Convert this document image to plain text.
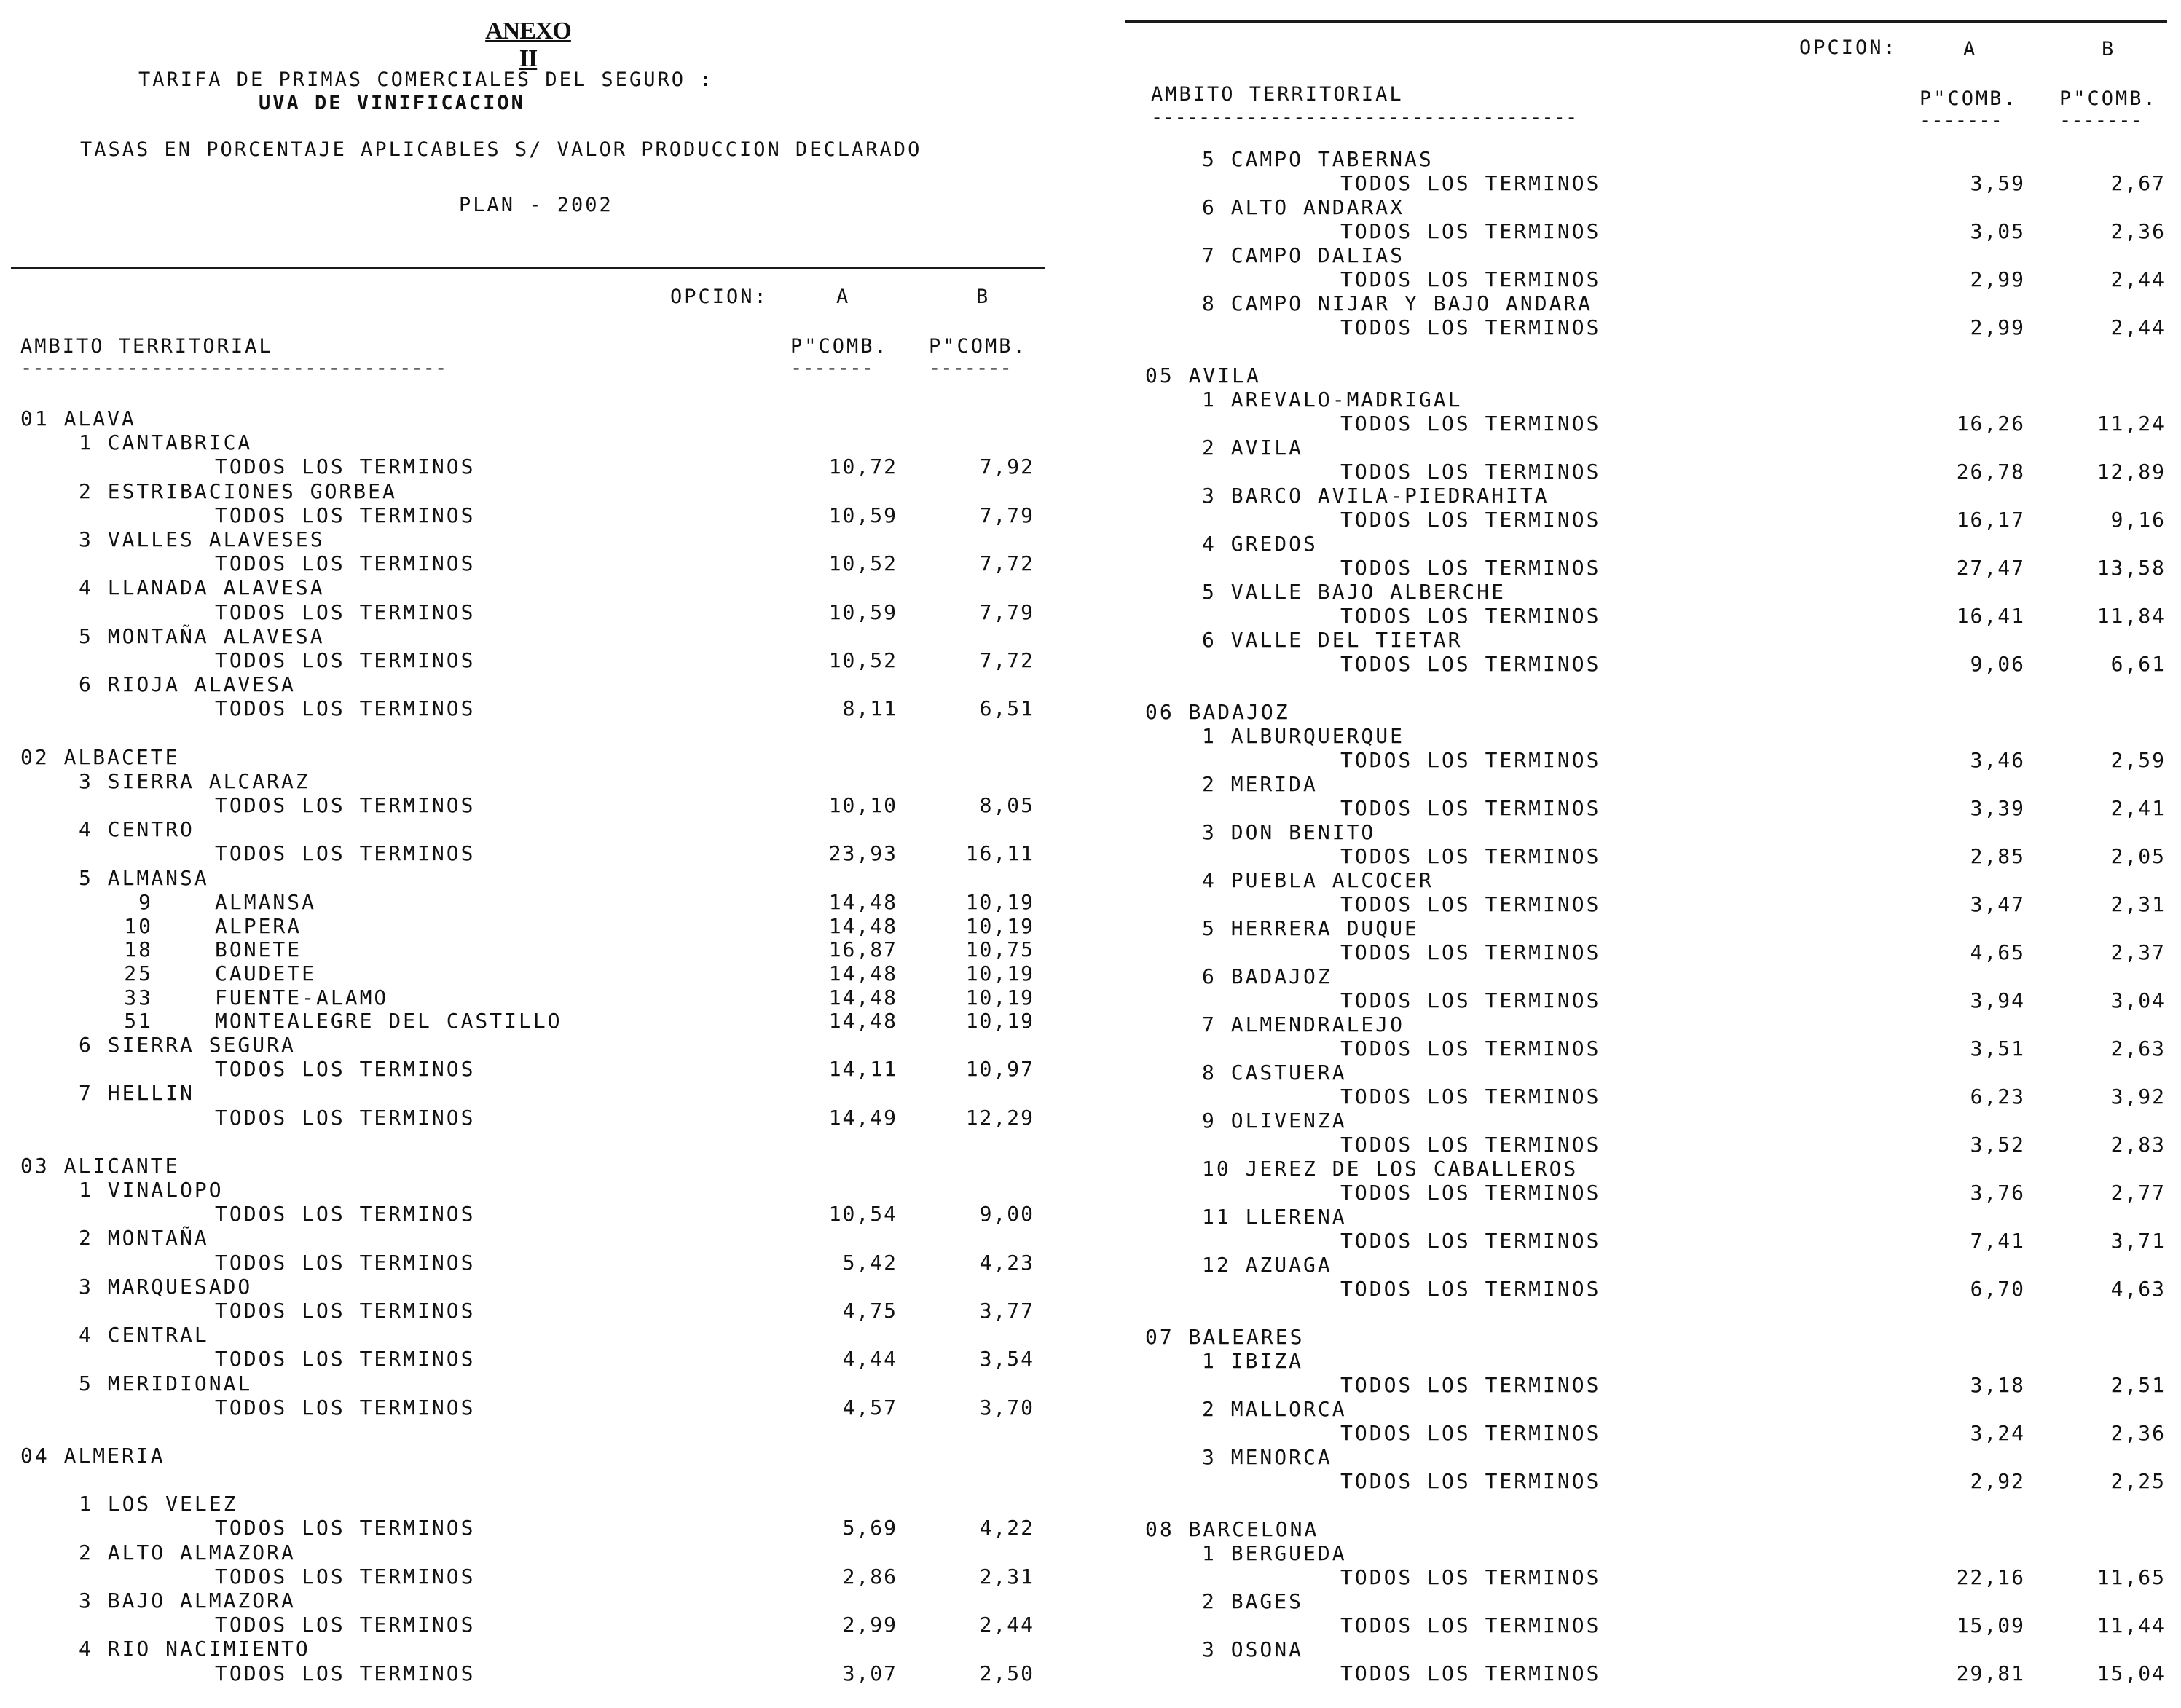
ANEXO II
TARIFA DE PRIMAS COMERCIALES DEL SEGURO :
UVA DE VINIFICACION
TASAS EN PORCENTAJE APLICABLES S/ VALOR PRODUCCION DECLARADO
PLAN - 2002
OPCION:	A	B
AMBITO TERRITORIAL	P"COMB. P"COMB.
------------------------------------	-------	-------
01 ALAVA
1 CANTABRICA
TODOS LOS TERMINOS	10,72	7,92
2 ESTRIBACIONES GORBEA
TODOS LOS TERMINOS	10,59	7,79
3 VALLES ALAVESES
TODOS LOS TERMINOS	10,52	7,72
4 LLANADA ALAVESA
TODOS LOS TERMINOS	10,59	7,79
5 MONTAÑA ALAVESA
TODOS LOS TERMINOS	10,52	7,72
6 RIOJA ALAVESA
TODOS LOS TERMINOS	8,11	6,51
02 ALBACETE
3 SIERRA ALCARAZ
TODOS LOS TERMINOS	10,10	8,05
4 CENTRO
TODOS LOS TERMINOS	23,93	16,11
5 ALMANSA
9	ALMANSA	14,48	10,19
10	ALPERA	14,48	10,19
18	BONETE	16,87	10,75
25	CAUDETE	14,48	10,19
33	FUENTE-ALAMO	14,48	10,19
51	MONTEALEGRE DEL CASTILLO	14,48	10,19
6 SIERRA SEGURA
TODOS LOS TERMINOS	14,11	10,97
7 HELLIN
TODOS LOS TERMINOS	14,49	12,29
03 ALICANTE
1 VINALOPO
TODOS LOS TERMINOS	10,54	9,00
2 MONTAÑA
TODOS LOS TERMINOS	5,42	4,23
3 MARQUESADO
TODOS LOS TERMINOS	4,75	3,77
4 CENTRAL
TODOS LOS TERMINOS	4,44	3,54
5 MERIDIONAL
TODOS LOS TERMINOS	4,57	3,70
04 ALMERIA
1 LOS VELEZ
TODOS LOS TERMINOS	5,69	4,22
2 ALTO ALMAZORA
TODOS LOS TERMINOS	2,86	2,31
3 BAJO ALMAZORA
TODOS LOS TERMINOS	2,99	2,44
4 RIO NACIMIENTO
TODOS LOS TERMINOS	3,07	2,50
OPCION:	A	B
AMBITO TERRITORIAL	P"COMB. P"COMB.
------------------------------------	-------	-------
5 CAMPO TABERNAS
TODOS LOS TERMINOS	3,59	2,67
6 ALTO ANDARAX
TODOS LOS TERMINOS	3,05	2,36
7 CAMPO DALIAS
TODOS LOS TERMINOS	2,99	2,44
8 CAMPO NIJAR Y BAJO ANDARA
TODOS LOS TERMINOS	2,99	2,44
05 AVILA
1 AREVALO-MADRIGAL
TODOS LOS TERMINOS	16,26	11,24
2 AVILA
TODOS LOS TERMINOS	26,78	12,89
3 BARCO AVILA-PIEDRAHITA
TODOS LOS TERMINOS	16,17	9,16
4 GREDOS
TODOS LOS TERMINOS	27,47	13,58
5 VALLE BAJO ALBERCHE
TODOS LOS TERMINOS	16,41	11,84
6 VALLE DEL TIETAR
TODOS LOS TERMINOS	9,06	6,61
06 BADAJOZ
1 ALBURQUERQUE
TODOS LOS TERMINOS	3,46	2,59
2 MERIDA
TODOS LOS TERMINOS	3,39	2,41
3 DON BENITO
TODOS LOS TERMINOS	2,85	2,05
4 PUEBLA ALCOCER
TODOS LOS TERMINOS	3,47	2,31
5 HERRERA DUQUE
TODOS LOS TERMINOS	4,65	2,37
6 BADAJOZ
TODOS LOS TERMINOS	3,94	3,04
7 ALMENDRALEJO
TODOS LOS TERMINOS	3,51	2,63
8 CASTUERA
TODOS LOS TERMINOS	6,23	3,92
9 OLIVENZA
TODOS LOS TERMINOS	3,52	2,83
10 JEREZ DE LOS CABALLEROS
TODOS LOS TERMINOS	3,76	2,77
11 LLERENA
TODOS LOS TERMINOS	7,41	3,71
12 AZUAGA
TODOS LOS TERMINOS	6,70	4,63
07 BALEARES
1 IBIZA
TODOS LOS TERMINOS	3,18	2,51
2 MALLORCA
TODOS LOS TERMINOS	3,24	2,36
3 MENORCA
TODOS LOS TERMINOS	2,92	2,25
08 BARCELONA
1 BERGUEDA
TODOS LOS TERMINOS	22,16	11,65
2 BAGES
TODOS LOS TERMINOS	15,09	11,44
3 OSONA
TODOS LOS TERMINOS	29,81	15,04
